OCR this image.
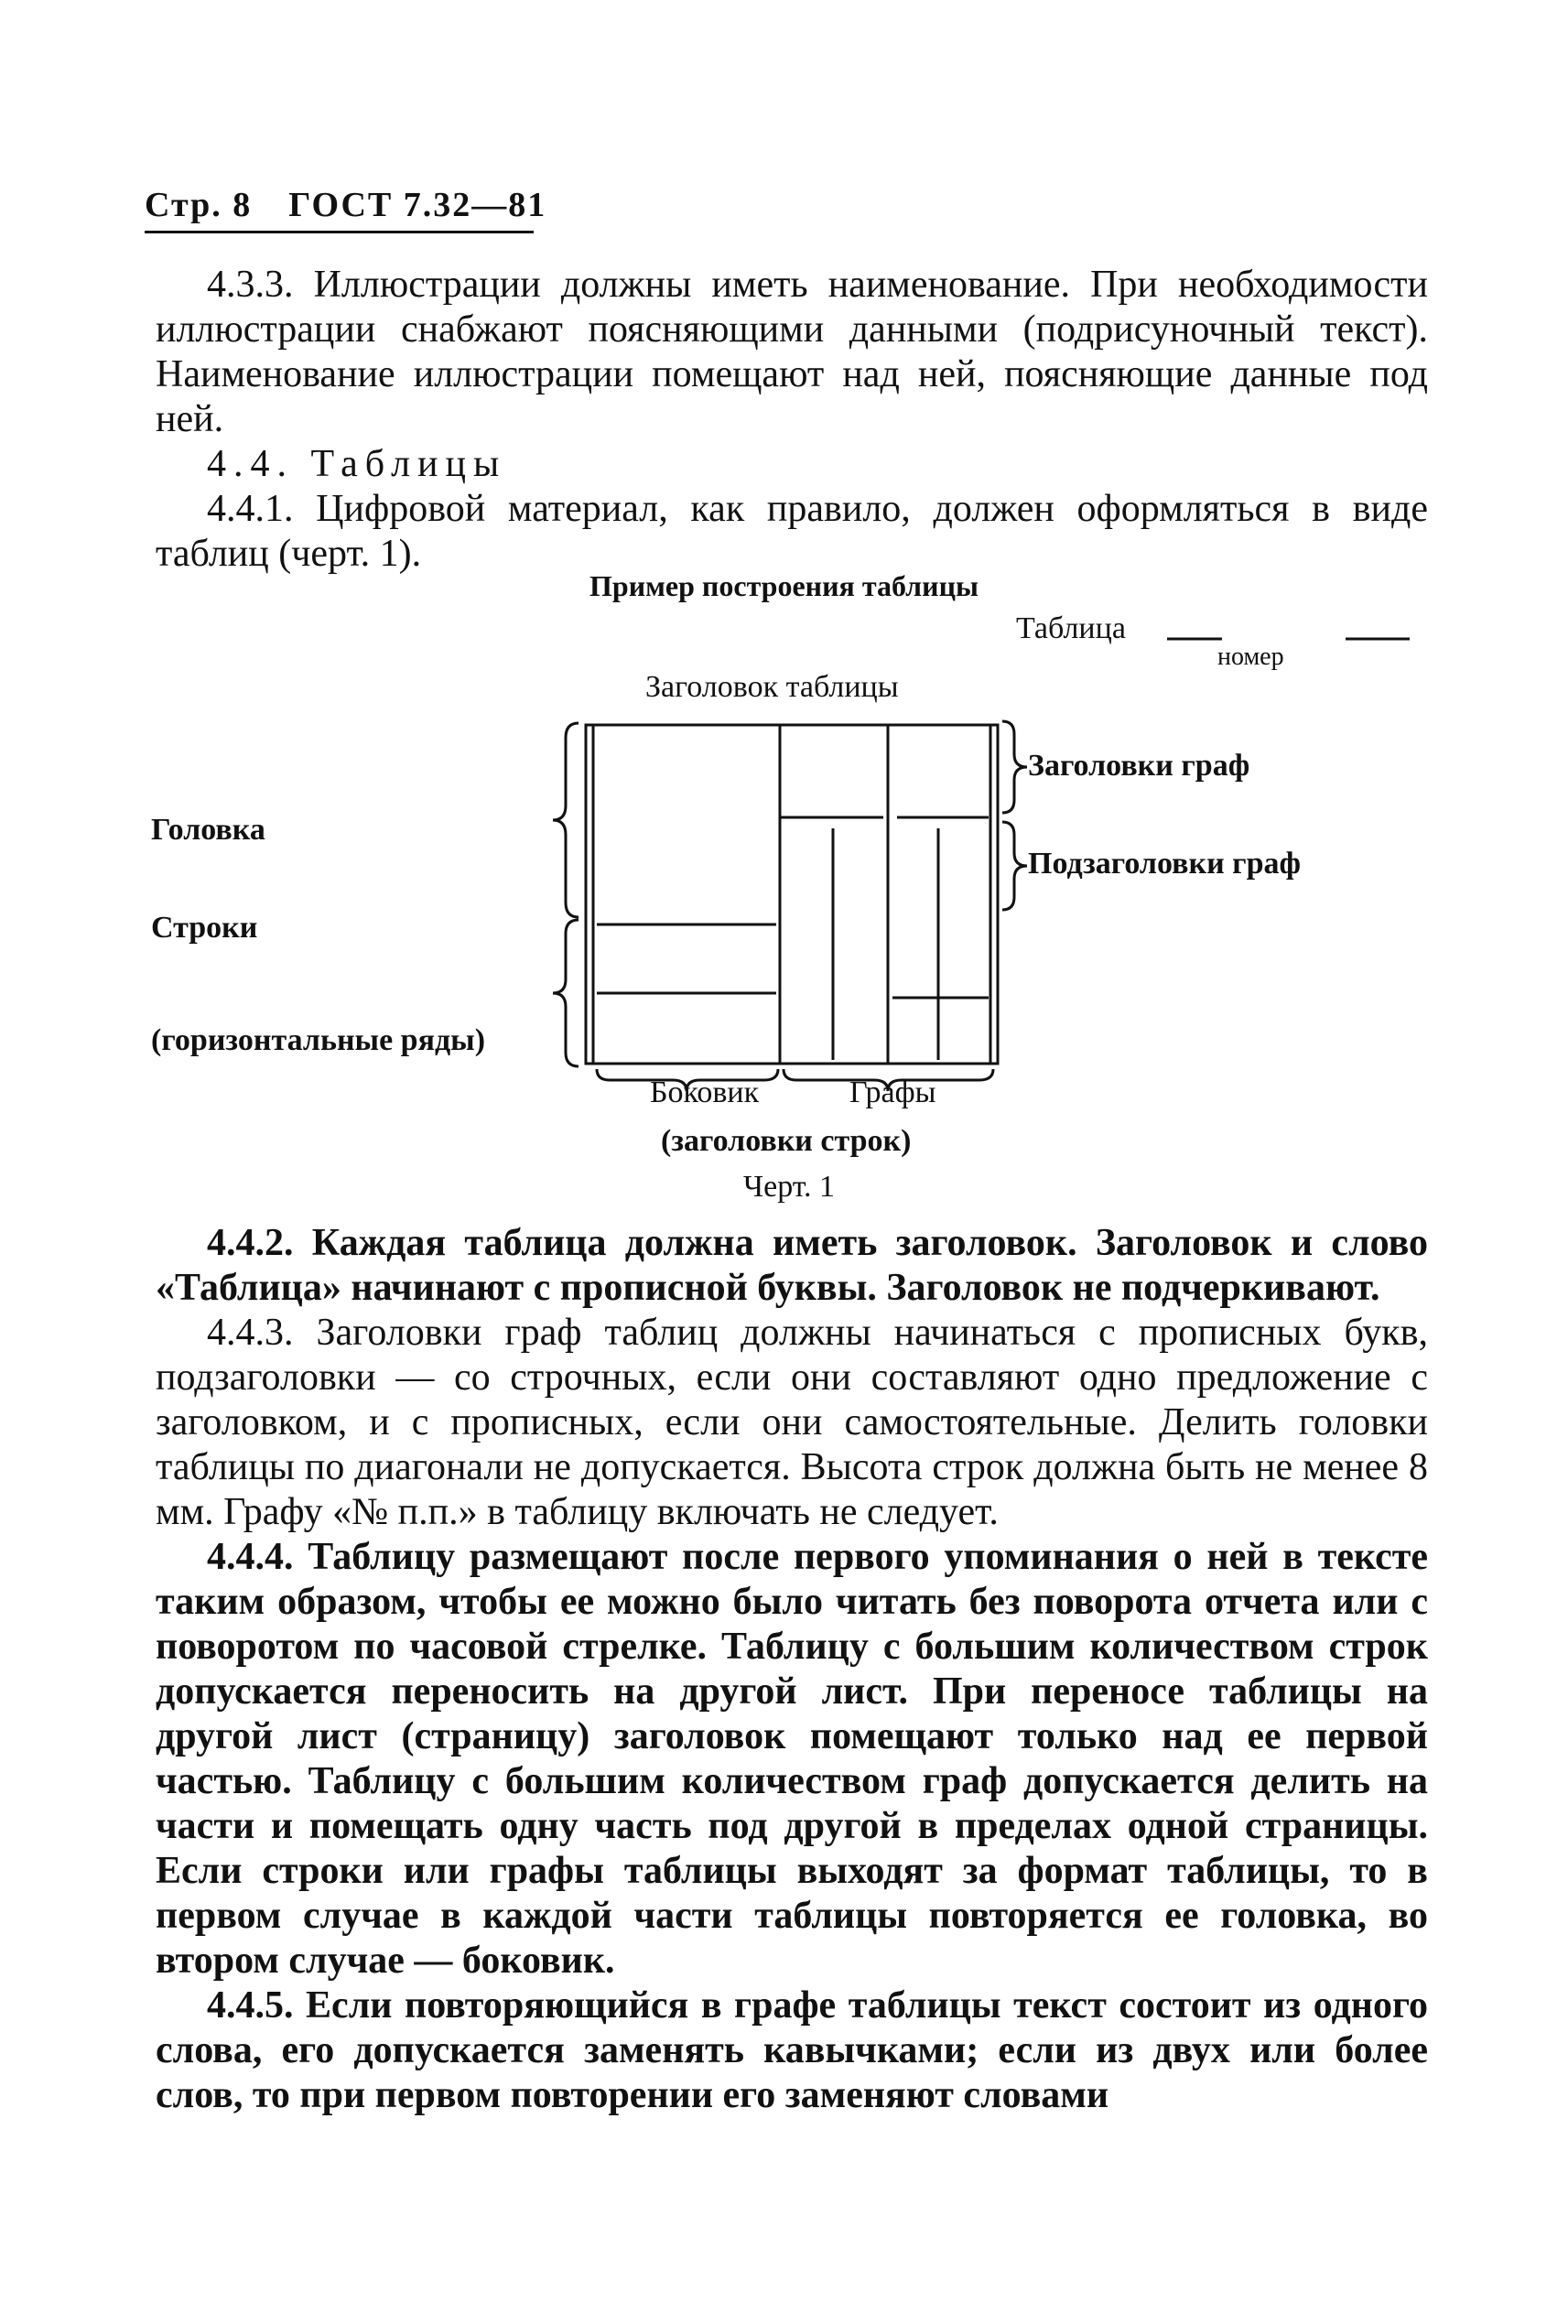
Стр. 8 ГОСТ 7.32—81

4.3.3. Иллюстрации должны иметь наименование. При необходимости иллюстрации снабжают поясняющими данными (подрисуночный текст). Наименование иллюстрации помещают над ней, поясняющие данные под ней.

4.4. Таблицы

4.4.1. Цифровой материал, как правило, должен оформляться в виде таблиц (черт. 1).

Пример построения таблицы
Таблица
номер
Заголовок таблицы
Заголовки граф
Подзаголовки граф
Головка
Строки
(горизонтальные ряды)
Боковик	Графы
(заголовки строк)
Черт. 1

4.4.2. Каждая таблица должна иметь заголовок. Заголовок и слово «Таблица» начинают с прописной буквы. Заголовок не подчеркивают.

4.4.3. Заголовки граф таблиц должны начинаться с прописных букв, подзаголовки — со строчных, если они составляют одно предложение с заголовком, и с прописных, если они самостоятельные. Делить головки таблицы по диагонали не допускается. Высота строк должна быть не менее 8 мм. Графу «№ п.п.» в таблицу включать не следует.

4.4.4. Таблицу размещают после первого упоминания о ней в тексте таким образом, чтобы ее можно было читать без поворота отчета или с поворотом по часовой стрелке. Таблицу с большим количеством строк допускается переносить на другой лист. При переносе таблицы на другой лист (страницу) заголовок помещают только над ее первой частью. Таблицу с большим количеством граф допускается делить на части и помещать одну часть под другой в пределах одной страницы. Если строки или графы таблицы выходят за формат таблицы, то в первом случае в каждой части таблицы повторяется ее головка, во втором случае — боковик.

4.4.5. Если повторяющийся в графе таблицы текст состоит из одного слова, его допускается заменять кавычками; если из двух или более слов, то при первом повторении его заменяют словами
